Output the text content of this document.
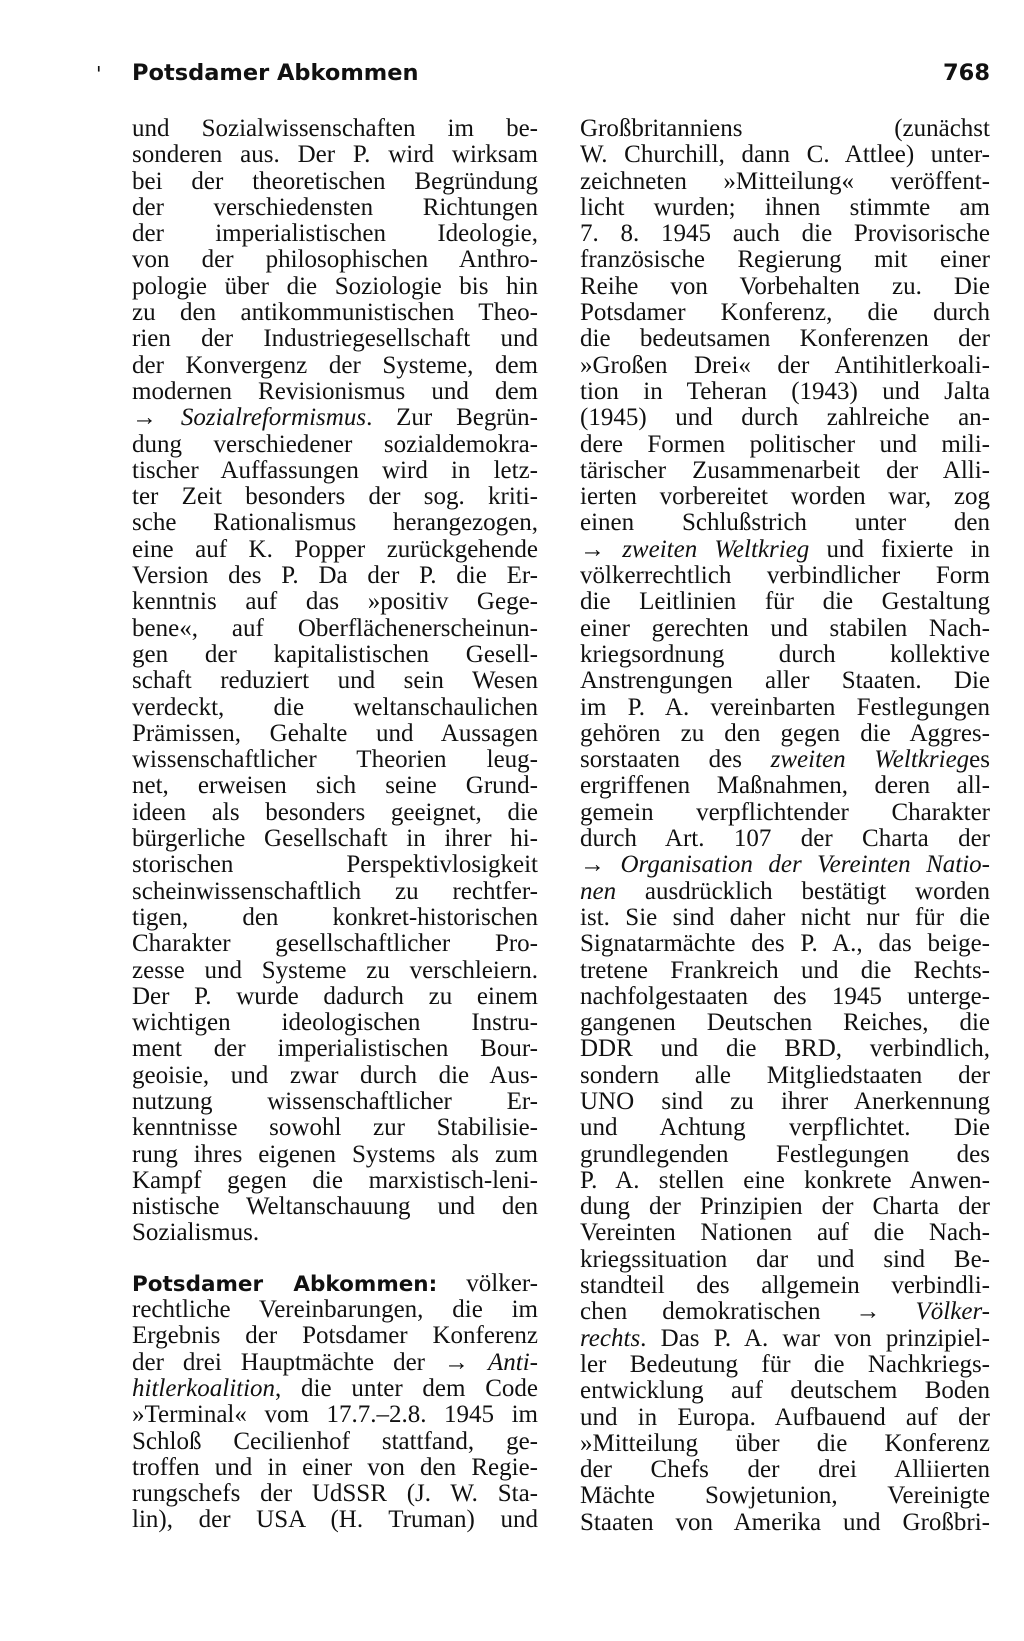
' Potsdamer Abkommen	768
und Sozialwissenschaften im be-
sonderen aus. Der P. wird wirksam
bei der theoretischen Begründung
der verschiedensten Richtungen
der imperialistischen Ideologie,
von der philosophischen Anthro-
pologie über die Soziologie bis hin
zu den antikommunistischen Theo-
rien der Industriegesellschaft und
der Konvergenz der Systeme, dem
modernen Revisionismus und dem
→ Sozialreformismus. Zur Begrün-
dung verschiedener sozialdemokra-
tischer Auffassungen wird in letz-
ter Zeit besonders der sog. kriti-
sche Rationalismus herangezogen,
eine auf K. Popper zurückgehende
Version des P. Da der P. die Er-
kenntnis auf das »positiv Gege-
bene«, auf Oberflächenerscheinun-
gen der kapitalistischen Gesell-
schaft reduziert und sein Wesen
verdeckt, die weltanschaulichen
Prämissen, Gehalte und Aussagen
wissenschaftlicher Theorien leug-
net, erweisen sich seine Grund-
ideen als besonders geeignet, die
bürgerliche Gesellschaft in ihrer hi-
storischen Perspektivlosigkeit
scheinwissenschaftlich zu rechtfer-
tigen, den konkret-historischen
Charakter gesellschaftlicher Pro-
zesse und Systeme zu verschleiern.
Der P. wurde dadurch zu einem
wichtigen ideologischen Instru-
ment der imperialistischen Bour-
geoisie, und zwar durch die Aus-
nutzung wissenschaftlicher Er-
kenntnisse sowohl zur Stabilisie-
rung ihres eigenen Systems als zum
Kampf gegen die marxistisch-leni-
nistische Weltanschauung und den
Sozialismus.
Potsdamer Abkommen: völker-
rechtliche Vereinbarungen, die im
Ergebnis der Potsdamer Konferenz
der drei Hauptmächte der → Anti-
hitlerkoalition, die unter dem Code
»Terminal« vom 17.7.–2.8. 1945 im
Schloß Cecilienhof stattfand, ge-
troffen und in einer von den Regie-
rungschefs der UdSSR (J. W. Sta-
lin), der USA (H. Truman) und
Großbritanniens (zunächst
W. Churchill, dann C. Attlee) unter-
zeichneten »Mitteilung« veröffent-
licht wurden; ihnen stimmte am
7. 8. 1945 auch die Provisorische
französische Regierung mit einer
Reihe von Vorbehalten zu. Die
Potsdamer Konferenz, die durch
die bedeutsamen Konferenzen der
»Großen Drei« der Antihitlerkoali-
tion in Teheran (1943) und Jalta
(1945) und durch zahlreiche an-
dere Formen politischer und mili-
tärischer Zusammenarbeit der Alli-
ierten vorbereitet worden war, zog
einen Schlußstrich unter den
→ zweiten Weltkrieg und fixierte in
völkerrechtlich verbindlicher Form
die Leitlinien für die Gestaltung
einer gerechten und stabilen Nach-
kriegsordnung durch kollektive
Anstrengungen aller Staaten. Die
im P. A. vereinbarten Festlegungen
gehören zu den gegen die Aggres-
sorstaaten des zweiten Weltkrieges
ergriffenen Maßnahmen, deren all-
gemein verpflichtender Charakter
durch Art. 107 der Charta der
→ Organisation der Vereinten Natio-
nen ausdrücklich bestätigt worden
ist. Sie sind daher nicht nur für die
Signatarmächte des P. A., das beige-
tretene Frankreich und die Rechts-
nachfolgestaaten des 1945 unterge-
gangenen Deutschen Reiches, die
DDR und die BRD, verbindlich,
sondern alle Mitgliedstaaten der
UNO sind zu ihrer Anerkennung
und Achtung verpflichtet. Die
grundlegenden Festlegungen des
P. A. stellen eine konkrete Anwen-
dung der Prinzipien der Charta der
Vereinten Nationen auf die Nach-
kriegssituation dar und sind Be-
standteil des allgemein verbindli-
chen demokratischen → Völker-
rechts. Das P. A. war von prinzipiel-
ler Bedeutung für die Nachkriegs-
entwicklung auf deutschem Boden
und in Europa. Aufbauend auf der
»Mitteilung über die Konferenz
der Chefs der drei Alliierten
Mächte Sowjetunion, Vereinigte
Staaten von Amerika und Großbri-
